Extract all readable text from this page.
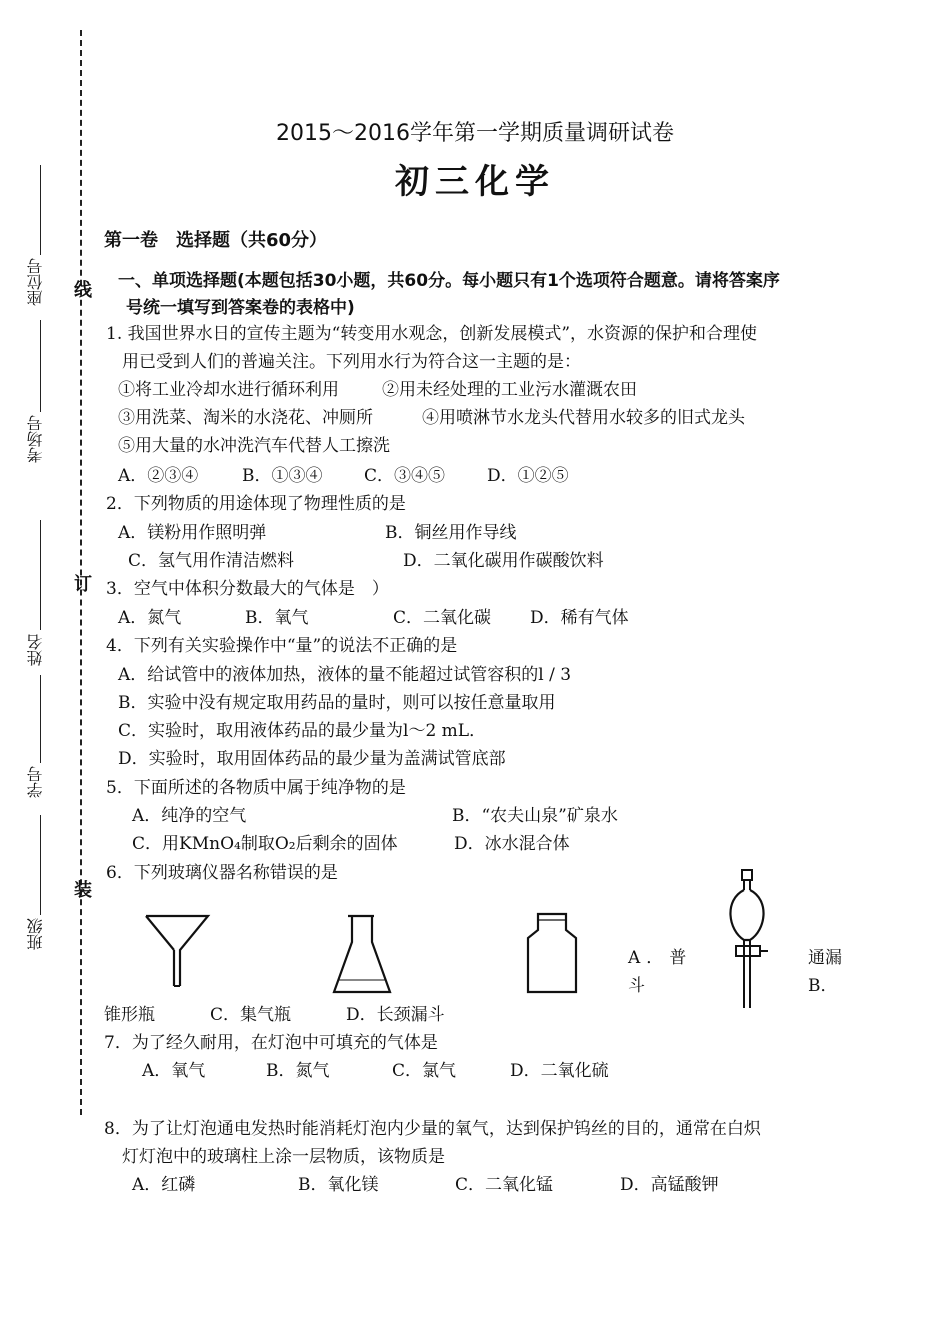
座位号
考场号
姓名
学号
班级
线
订
装
2015～2016学年第一学期质量调研试卷
初三化学
第一卷　选择题（共60分）
一、单项选择题(本题包括30小题，共60分。每小题只有1个选项符合题意。请将答案序
号统一填写到答案卷的表格中)
1. 我国世界水日的宣传主题为“转变用水观念，创新发展模式”，水资源的保护和合理使
用已受到人们的普遍关注。下列用水行为符合这一主题的是：
①将工业冷却水进行循环利用	②用未经处理的工业污水灌溉农田
③用洗菜、淘米的水浇花、冲厕所	④用喷淋节水龙头代替用水较多的旧式龙头
⑤用大量的水冲洗汽车代替人工擦洗
A．②③④	B．①③④ C．③④⑤ D．①②⑤
2．下列物质的用途体现了物理性质的是
A．镁粉用作照明弹	B．铜丝用作导线
C．氢气用作清洁燃料	D．二氧化碳用作碳酸饮料
3．空气中体积分数最大的气体是　）
A．氮气	B．氧气	C．二氧化碳 D．稀有气体
4．下列有关实验操作中“量”的说法不正确的是
A．给试管中的液体加热，液体的量不能超过试管容积的l / 3
B．实验中没有规定取用药品的量时，则可以按任意量取用
C．实验时，取用液体药品的最少量为l～2 mL．
D．实验时，取用固体药品的最少量为盖满试管底部
5．下面所述的各物质中属于纯净物的是
A．纯净的空气	B．“农夫山泉”矿泉水
C．用KMnO₄制取O₂后剩余的固体	D．冰水混合体
6．下列玻璃仪器名称错误的是
A．普	通漏
斗	B．
锥形瓶	C．集气瓶	D．长颈漏斗
7．为了经久耐用，在灯泡中可填充的气体是
A．氧气	B．氮气	C．氯气	D．二氧化硫
8．为了让灯泡通电发热时能消耗灯泡内少量的氧气，达到保护钨丝的目的，通常在白炽
灯灯泡中的玻璃柱上涂一层物质，该物质是
A．红磷	B．氧化镁	C．二氧化锰	D．高锰酸钾
